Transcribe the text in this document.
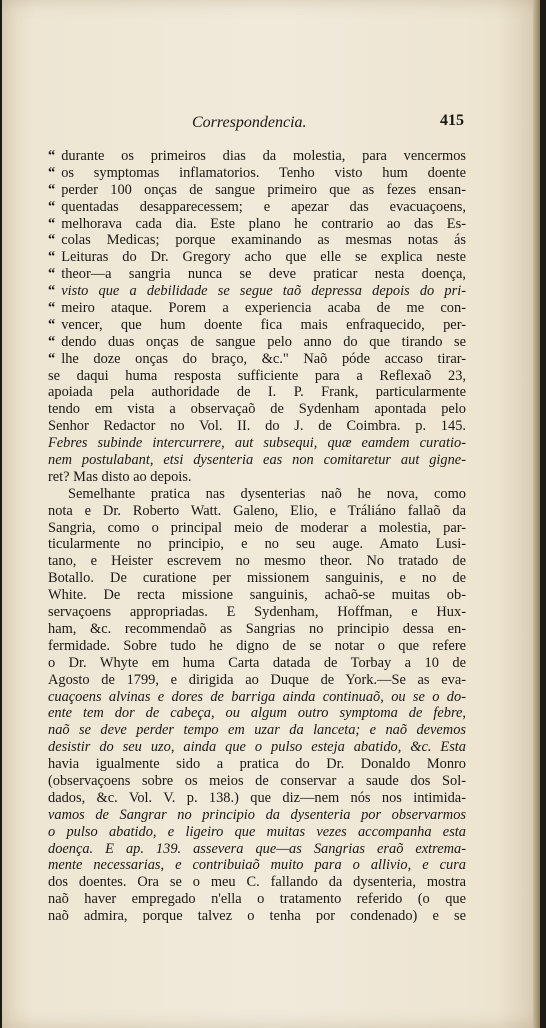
Correspondencia.	415
“ durante os primeiros dias da molestia, para vencermos
“ os symptomas inflamatorios. Tenho visto hum doente
“ perder 100 onças de sangue primeiro que as fezes ensan-
“ quentadas desapparecessem; e apezar das evacuaçoens,
“ melhorava cada dia. Este plano he contrario ao das Es-
“ colas Medicas; porque examinando as mesmas notas ás
“ Leituras do Dr. Gregory acho que elle se explica neste
“ theor—a sangria nunca se deve praticar nesta doença,
“ visto que a debilidade se segue taõ depressa depois do pri-
“ meiro ataque. Porem a experiencia acaba de me con-
“ vencer, que hum doente fica mais enfraquecido, per-
“ dendo duas onças de sangue pelo anno do que tirando se
“ lhe doze onças do braço, &c." Naõ póde accaso tirar-
se daqui huma resposta sufficiente para a Reflexaõ 23,
apoiada pela authoridade de I. P. Frank, particularmente
tendo em vista a observaçaõ de Sydenham apontada pelo
Senhor Redactor no Vol. II. do J. de Coimbra. p. 145.
Febres subinde intercurrere, aut subsequi, quæ eamdem curatio-
nem postulabant, etsi dysenteria eas non comitaretur aut gigne-
ret? Mas disto ao depois.
Semelhante pratica nas dysenterias naõ he nova, como
nota e Dr. Roberto Watt. Galeno, Elio, e Tráliáno fallaõ da
Sangria, como o principal meio de moderar a molestia, par-
ticularmente no principio, e no seu auge. Amato Lusi-
tano, e Heister escrevem no mesmo theor. No tratado de
Botallo. De curatione per missionem sanguinis, e no de
White. De recta missione sanguinis, achaõ-se muitas ob-
servaçoens appropriadas. E Sydenham, Hoffman, e Hux-
ham, &c. recommendaõ as Sangrias no principio dessa en-
fermidade. Sobre tudo he digno de se notar o que refere
o Dr. Whyte em huma Carta datada de Torbay a 10 de
Agosto de 1799, e dirigida ao Duque de York.—Se as eva-
cuaçoens alvinas e dores de barriga ainda continuaõ, ou se o do-
ente tem dor de cabeça, ou algum outro symptoma de febre,
naõ se deve perder tempo em uzar da lanceta; e naõ devemos
desistir do seu uzo, ainda que o pulso esteja abatido, &c. Esta
havia igualmente sido a pratica do Dr. Donaldo Monro
(observaçoens sobre os meios de conservar a saude dos Sol-
dados, &c. Vol. V. p. 138.) que diz—nem nós nos intimida-
vamos de Sangrar no principio da dysenteria por observarmos
o pulso abatido, e ligeiro que muitas vezes accompanha esta
doença. E ap. 139. assevera que—as Sangrias eraõ extrema-
mente necessarias, e contribuiaõ muito para o allivio, e cura
dos doentes. Ora se o meu C. fallando da dysenteria, mostra
naõ haver empregado n'ella o tratamento referido (o que
naõ admira, porque talvez o tenha por condenado) e se
